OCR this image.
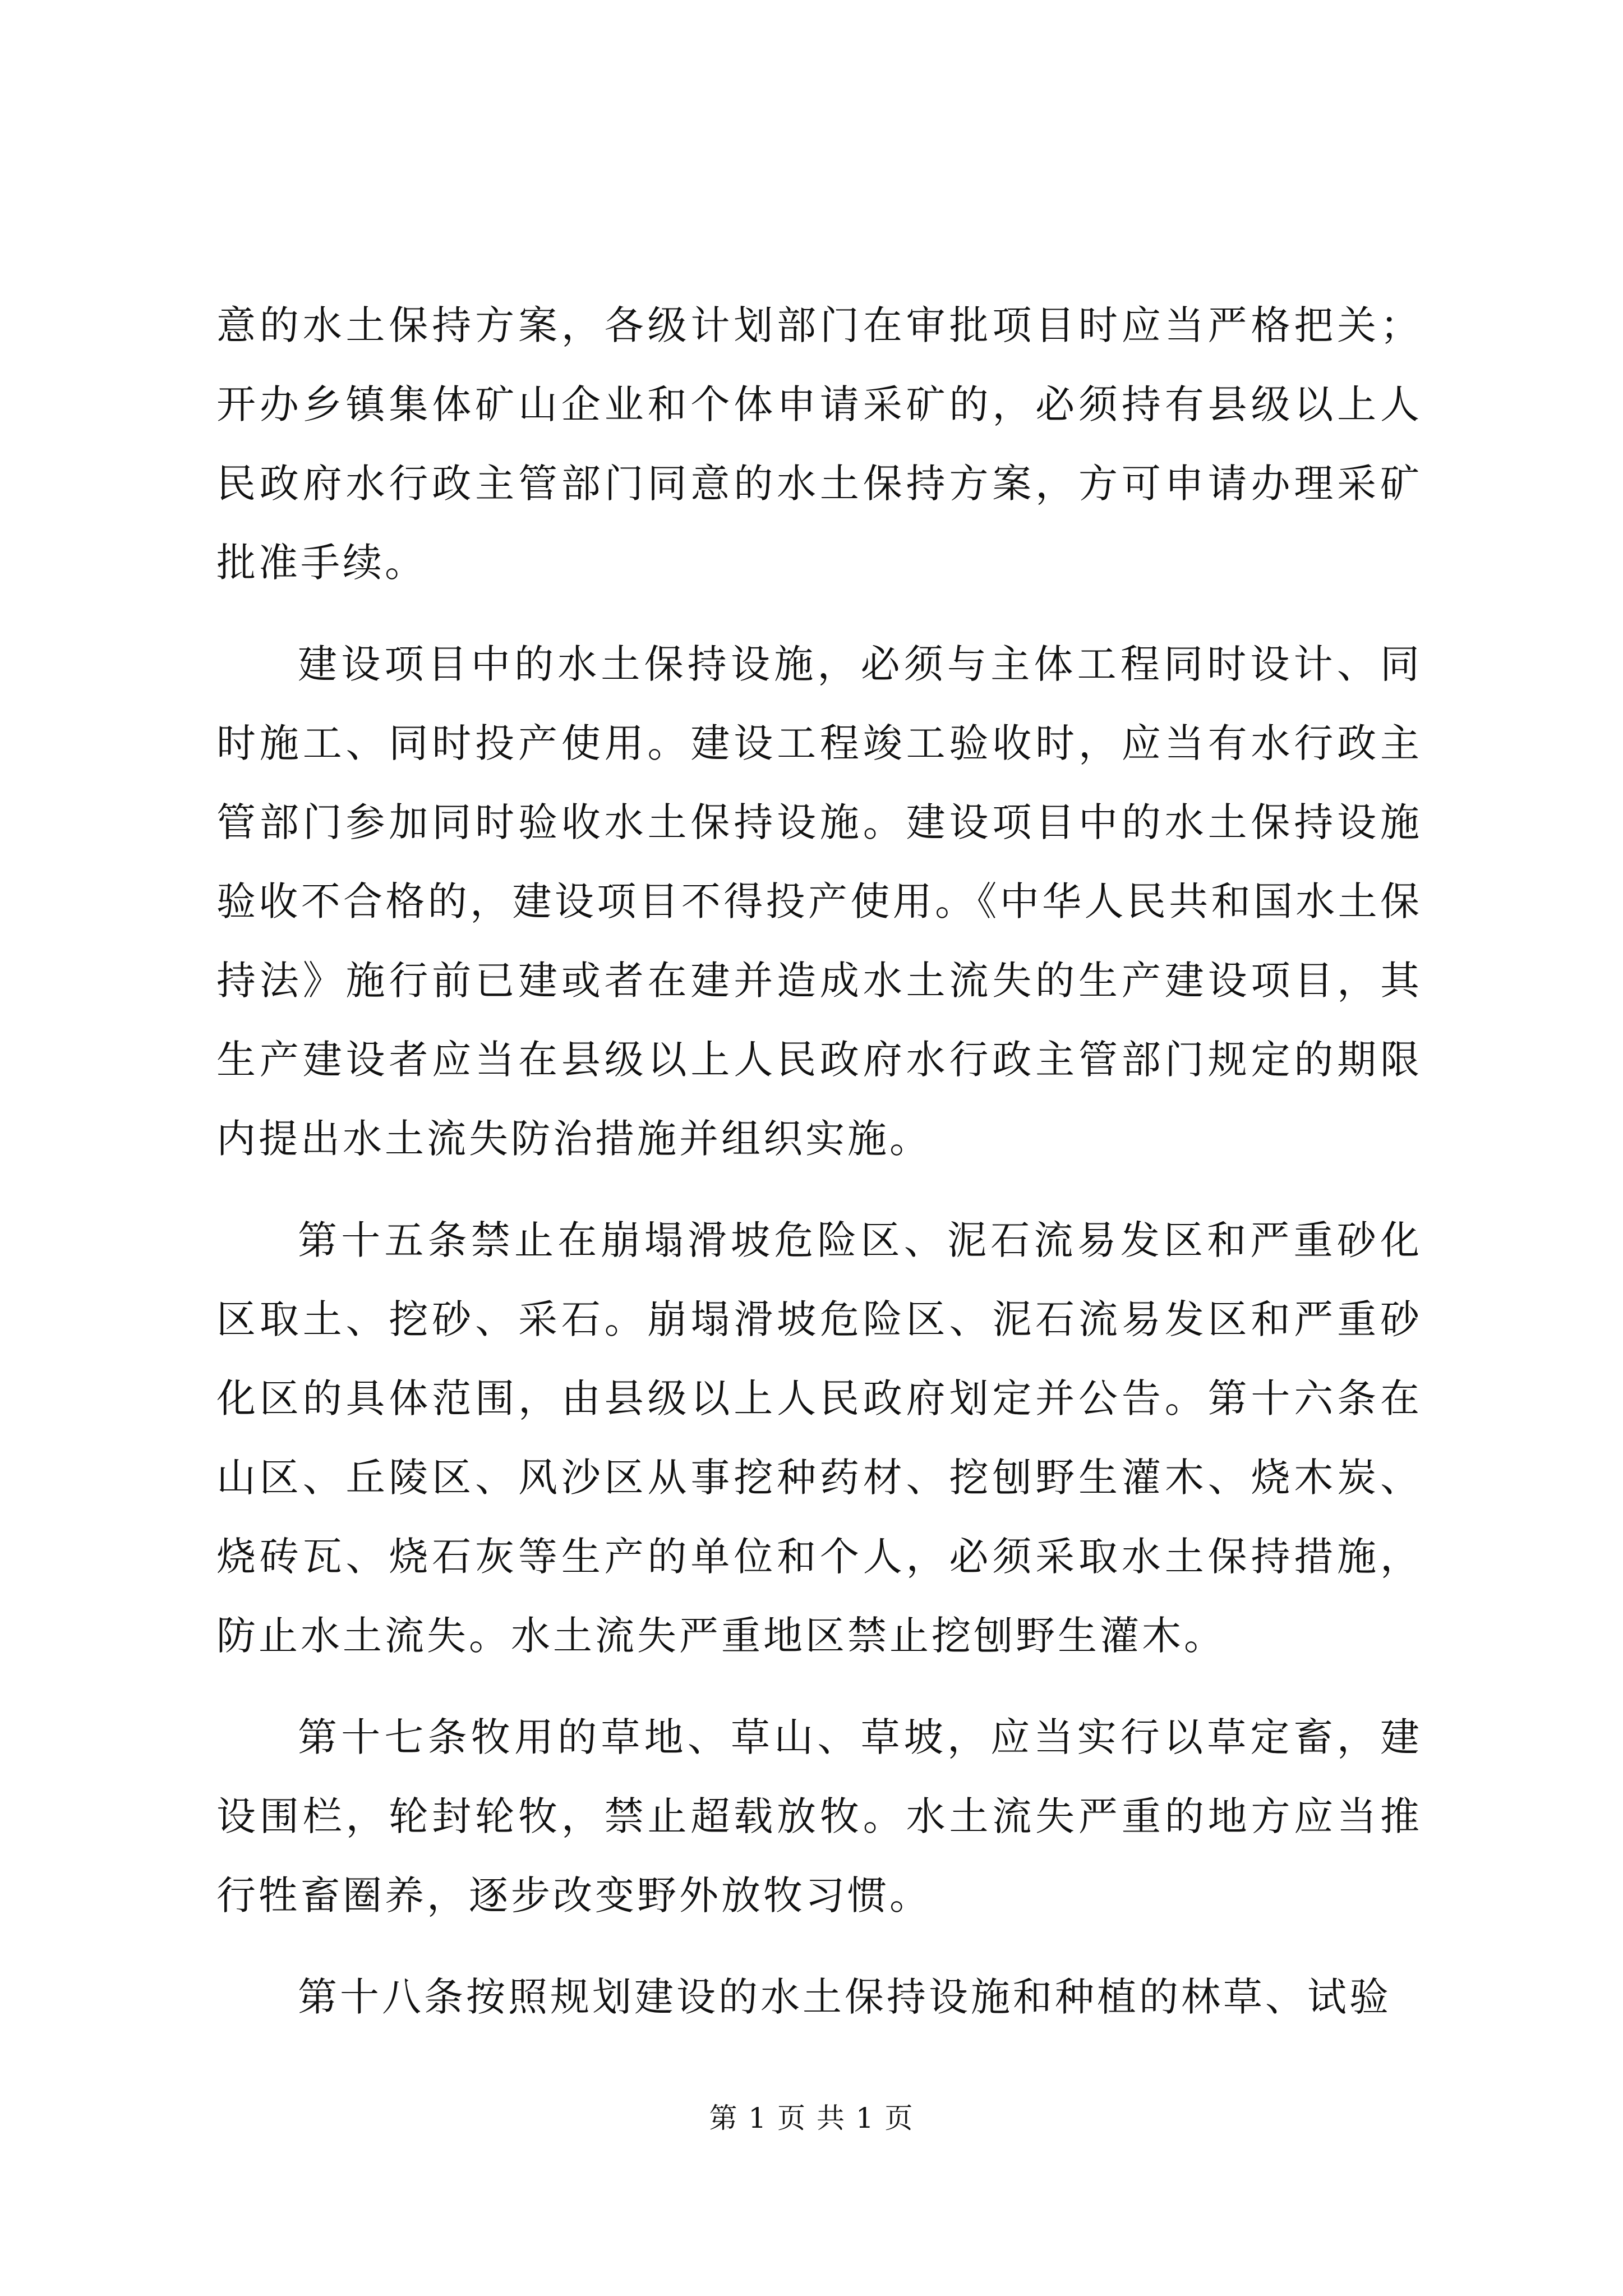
意的水土保持方案，各级计划部门在审批项目时应当严格把关；开办乡镇集体矿山企业和个体申请采矿的，必须持有县级以上人民政府水行政主管部门同意的水土保持方案，方可申请办理采矿批准手续。

建设项目中的水土保持设施，必须与主体工程同时设计、同时施工、同时投产使用。建设工程竣工验收时，应当有水行政主管部门参加同时验收水土保持设施。建设项目中的水土保持设施验收不合格的，建设项目不得投产使用。《中华人民共和国水土保持法》施行前已建或者在建并造成水土流失的生产建设项目，其生产建设者应当在县级以上人民政府水行政主管部门规定的期限内提出水土流失防治措施并组织实施。

第十五条禁止在崩塌滑坡危险区、泥石流易发区和严重砂化区取土、挖砂、采石。崩塌滑坡危险区、泥石流易发区和严重砂化区的具体范围，由县级以上人民政府划定并公告。第十六条在山区、丘陵区、风沙区从事挖种药材、挖刨野生灌木、烧木炭、烧砖瓦、烧石灰等生产的单位和个人，必须采取水土保持措施，防止水土流失。水土流失严重地区禁止挖刨野生灌木。

第十七条牧用的草地、草山、草坡，应当实行以草定畜，建设围栏，轮封轮牧，禁止超载放牧。水土流失严重的地方应当推行牲畜圈养，逐步改变野外放牧习惯。

第十八条按照规划建设的水土保持设施和种植的林草、试验

第 1 页 共 1 页
